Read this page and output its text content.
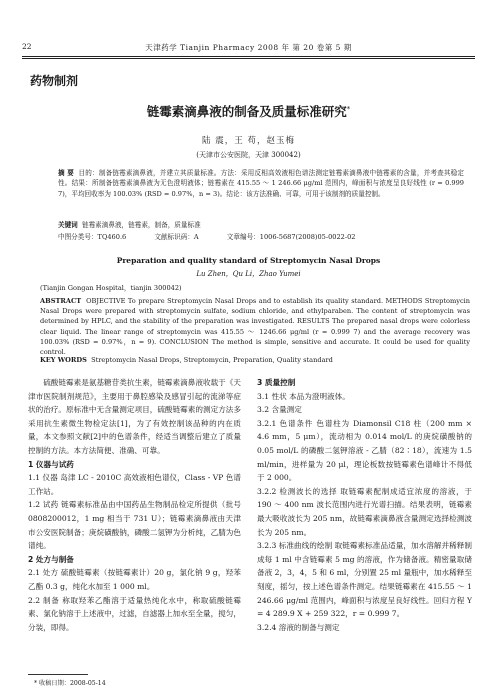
22	天津药学 Tianjin Pharmacy 2008 年 第 20 卷第 5 期
药物制剂
链霉素滴鼻液的制备及质量标准研究*
陆 震，王 苟，赵玉梅
(天津市公安医院，天津 300042)
摘 要 目的：制备链霉素滴鼻液，并建立其质量标准。方法：采用反相高效液相色谱法测定链霉素滴鼻液中链霉素的含量，并考查其稳定性。结果：所制备链霉素滴鼻液为无色澄明液体；链霉素在 415.55 ～ 1 246.66 μg/ml 范围内，峰面积与浓度呈良好线性 (r = 0.999 7)，平均回收率为 100.03% (RSD = 0.97%，n = 3)。结论：该方法准确、可靠，可用于该制剂的质量控制。
关键词 链霉素滴鼻液，链霉素，制备，质量标准
中图分类号：TQ460.6	文献标识码：A	文章编号：1006-5687(2008)05-0022-02
Preparation and quality standard of Streptomycin Nasal Drops
Lu Zhen，Qu Li，Zhao Yumei
(Tianjin Gongan Hospital，tianjin 300042)
ABSTRACT OBJECTIVE To prepare Streptomycin Nasal Drops and to establish its quality standard. METHODS Streptomycin Nasal Drops were prepared with streptomycin sulfate, sodium chloride, and ethylparaben. The content of streptomycin was determined by HPLC, and the stability of the preparation was investigated. RESULTS The prepared nasal drops were colorless clear liquid. The linear range of streptomycin was 415.55 ～ 1246.66 μg/ml (r = 0.999 7) and the average recovery was 100.03% (RSD = 0.97%，n = 9). CONCLUSION The method is simple, sensitive and accurate. It could be used for quality control.
KEY WORDS Streptomycin Nasal Drops, Streptomycin, Preparation, Quality standard

硫酸链霉素是氨基糖苷类抗生素，链霉素滴鼻液收载于《天津市医院制剂规范》，主要用于鼻腔感染及感冒引起的流涕等症状的治疗。原标准中无含量测定项目，硫酸链霉素的测定方法多采用抗生素微生物检定法[1]，为了有效控制该品种的内在质量，本文参照文献[2]中的色谱条件，经适当调整后建立了质量控制的方法。本方法简便、准确、可靠。

1 仪器与试药

1.1 仪器 岛津 LC - 2010C 高效液相色谱仪，Class - VP 色谱工作站。

1.2 试药 链霉素标准品由中国药品生物制品检定所提供（批号 0808200012，1 mg 相当于 731 U）；链霉素滴鼻液由天津市公安医院制备；庚烷磺酸钠，磷酸二氢钾为分析纯，乙腈为色谱纯。

2 处方与制备

2.1 处方 硫酸链霉素（按链霉素计）20 g，氯化钠 9 g，羟苯乙酯 0.3 g，纯化水加至 1 000 ml。

2.2 制备 称取羟苯乙酯溶于适量热纯化水中，称取硫酸链霉素、氯化钠溶于上述液中，过滤，自滤器上加水至全量，搅匀，分装，即得。

3 质量控制

3.1 性状 本品为澄明液体。

3.2 含量测定

3.2.1 色谱条件 色谱柱为 Diamonsil C18 柱（200 mm × 4.6 mm，5 μm），流动相为 0.014 mol/L 的庚烷磺酸钠的 0.05 mol/L 的磷酸二氢钾溶液 - 乙腈（82∶18），流速为 1.5 ml/min，进样量为 20 μl，理论板数按链霉素色谱峰计不得低于 2 000。

3.2.2 检测波长的选择 取链霉素配制成适宜浓度的溶液，于 190 ～ 400 nm 波长范围内进行光谱扫描。结果表明，链霉素最大吸收波长为 205 nm，故链霉素滴鼻液含量测定选择检测波长为 205 nm。

3.2.3 标准曲线的绘制 取链霉素标准品适量，加水溶解并稀释制成每 1 ml 中含链霉素 5 mg 的溶液，作为储备液。精密量取储备液 2，3，4，5 和 6 ml，分别置 25 ml 量瓶中，加水稀释至刻度，摇匀，按上述色谱条件测定。结果链霉素在 415.55 ～ 1 246.66 μg/ml 范围内，峰面积与浓度呈良好线性。回归方程 Y = 4 289.9 X + 259 322，r = 0.999 7。

3.2.4 溶液的制备与测定

* 收稿日期：2008-05-14
